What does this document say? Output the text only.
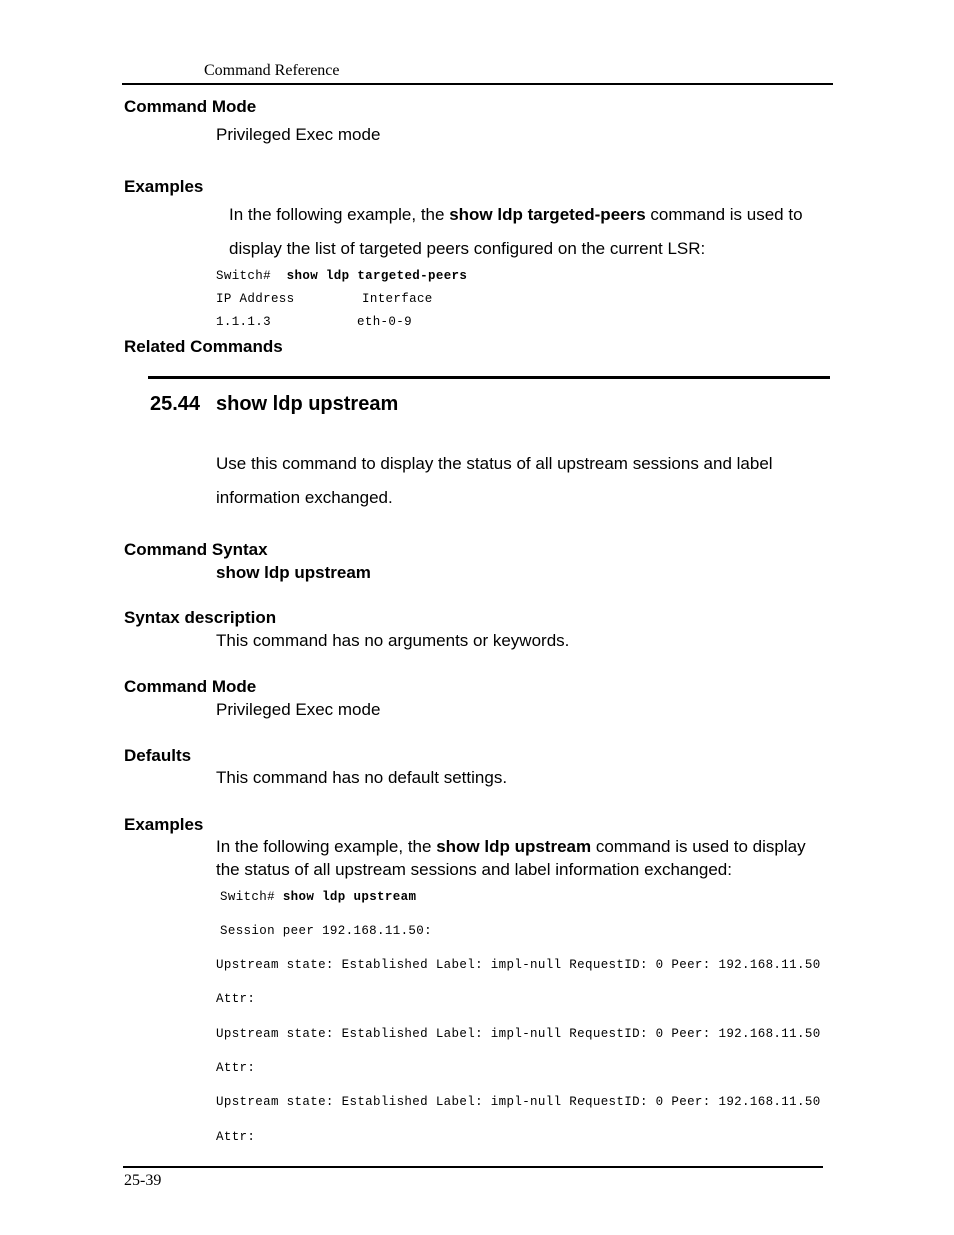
Command Reference
Command Mode
Privileged Exec mode
Examples
In the following example, the show ldp targeted-peers command is used to
display the list of targeted peers configured on the current LSR:
Switch# show ldp targeted-peers
IP Address	Interface
1.1.1.3	eth-0-9
Related Commands
25.44 show ldp upstream
Use this command to display the status of all upstream sessions and label
information exchanged.
Command Syntax
show ldp upstream
Syntax description
This command has no arguments or keywords.
Command Mode
Privileged Exec mode
Defaults
This command has no default settings.
Examples
In the following example, the show ldp upstream command is used to display
the status of all upstream sessions and label information exchanged:
Switch# show ldp upstream
Session peer 192.168.11.50:
Upstream state: Established Label: impl-null RequestID: 0 Peer: 192.168.11.50
Attr:
Upstream state: Established Label: impl-null RequestID: 0 Peer: 192.168.11.50
Attr:
Upstream state: Established Label: impl-null RequestID: 0 Peer: 192.168.11.50
Attr:
25-39
